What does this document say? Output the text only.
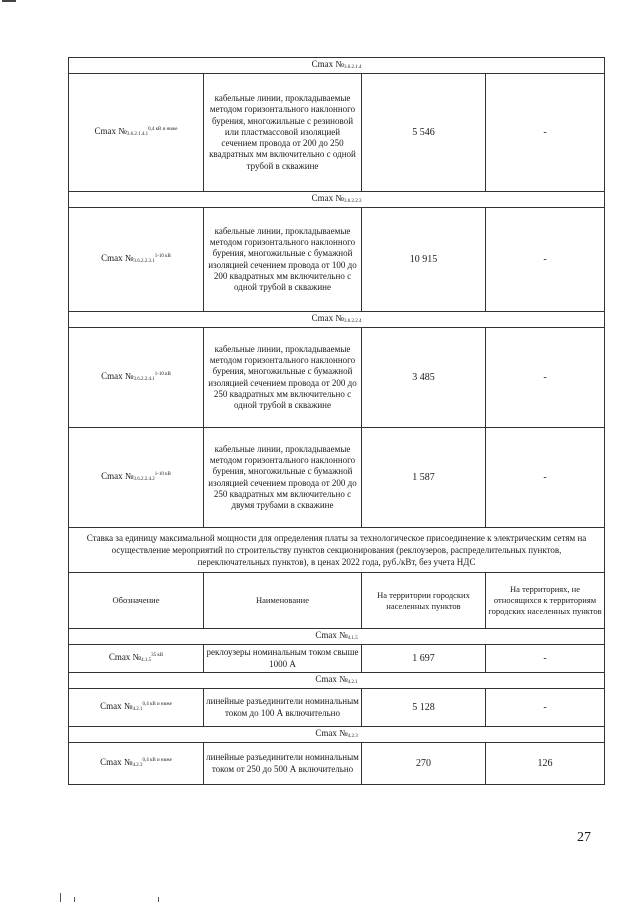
Cmax №3.6.2.1.4			
Cmax $№3.6.2.1.4.1^{0,4 кВ и ниже}$	кабельные линии, прокладываемые методом горизонтального наклонного бурения, многожильные с резиновой или пластмассовой изоляцией сечением провода от 200 до 250 квадратных мм включительно с одной трубой в скважине	5 546	-
Cmax №3.6.2.2.3			
Cmax $№3.6.2.2.3.1^{1-10 кВ}$	кабельные линии, прокладываемые методом горизонтального наклонного бурения, многожильные с бумажной изоляцией сечением провода от 100 до 200 квадратных мм включительно с одной трубой в скважине	10 915	-
Cmax №3.6.2.2.4			
Cmax $№3.6.2.2.4.1^{1-10 кВ}$	кабельные линии, прокладываемые методом горизонтального наклонного бурения, многожильные с бумажной изоляцией сечением провода от 200 до 250 квадратных мм включительно с одной трубой в скважине	3 485	-
Cmax $№3.6.2.2.4.2^{1-10 кВ}$	кабельные линии, прокладываемые методом горизонтального наклонного бурения, многожильные с бумажной изоляцией сечением провода от 200 до 250 квадратных мм включительно с двумя трубами в скважине	1 587	-
Ставка за единицу максимальной мощности для определения платы за технологическое присоединение к электрическим сетям на осуществление мероприятий по строительству пунктов секционирования (реклоузеров, распределительных пунктов, переключательных пунктов), в ценах 2022 года, руб./кВт, без учета НДС			
Обозначение	Наименование	На территории городских населенных пунктов	На территориях, не относящихся к территориям городских населенных пунктов
Cmax №4.1.5			
Cmax $№4.1.5^{35 кВ}$	реклоузеры номинальным током свыше 1000 А	1 697	-
Cmax №4.2.1			
Cmax $№4.2.1^{0,4 кВ и ниже}$	линейные разъединители номинальным током до 100 А включительно	5 128	-
Cmax №4.2.3			
Cmax $№4.2.3^{0,4 кВ и ниже}$	линейные разъединители номинальным током от 250 до 500 А включительно	270	126
27
